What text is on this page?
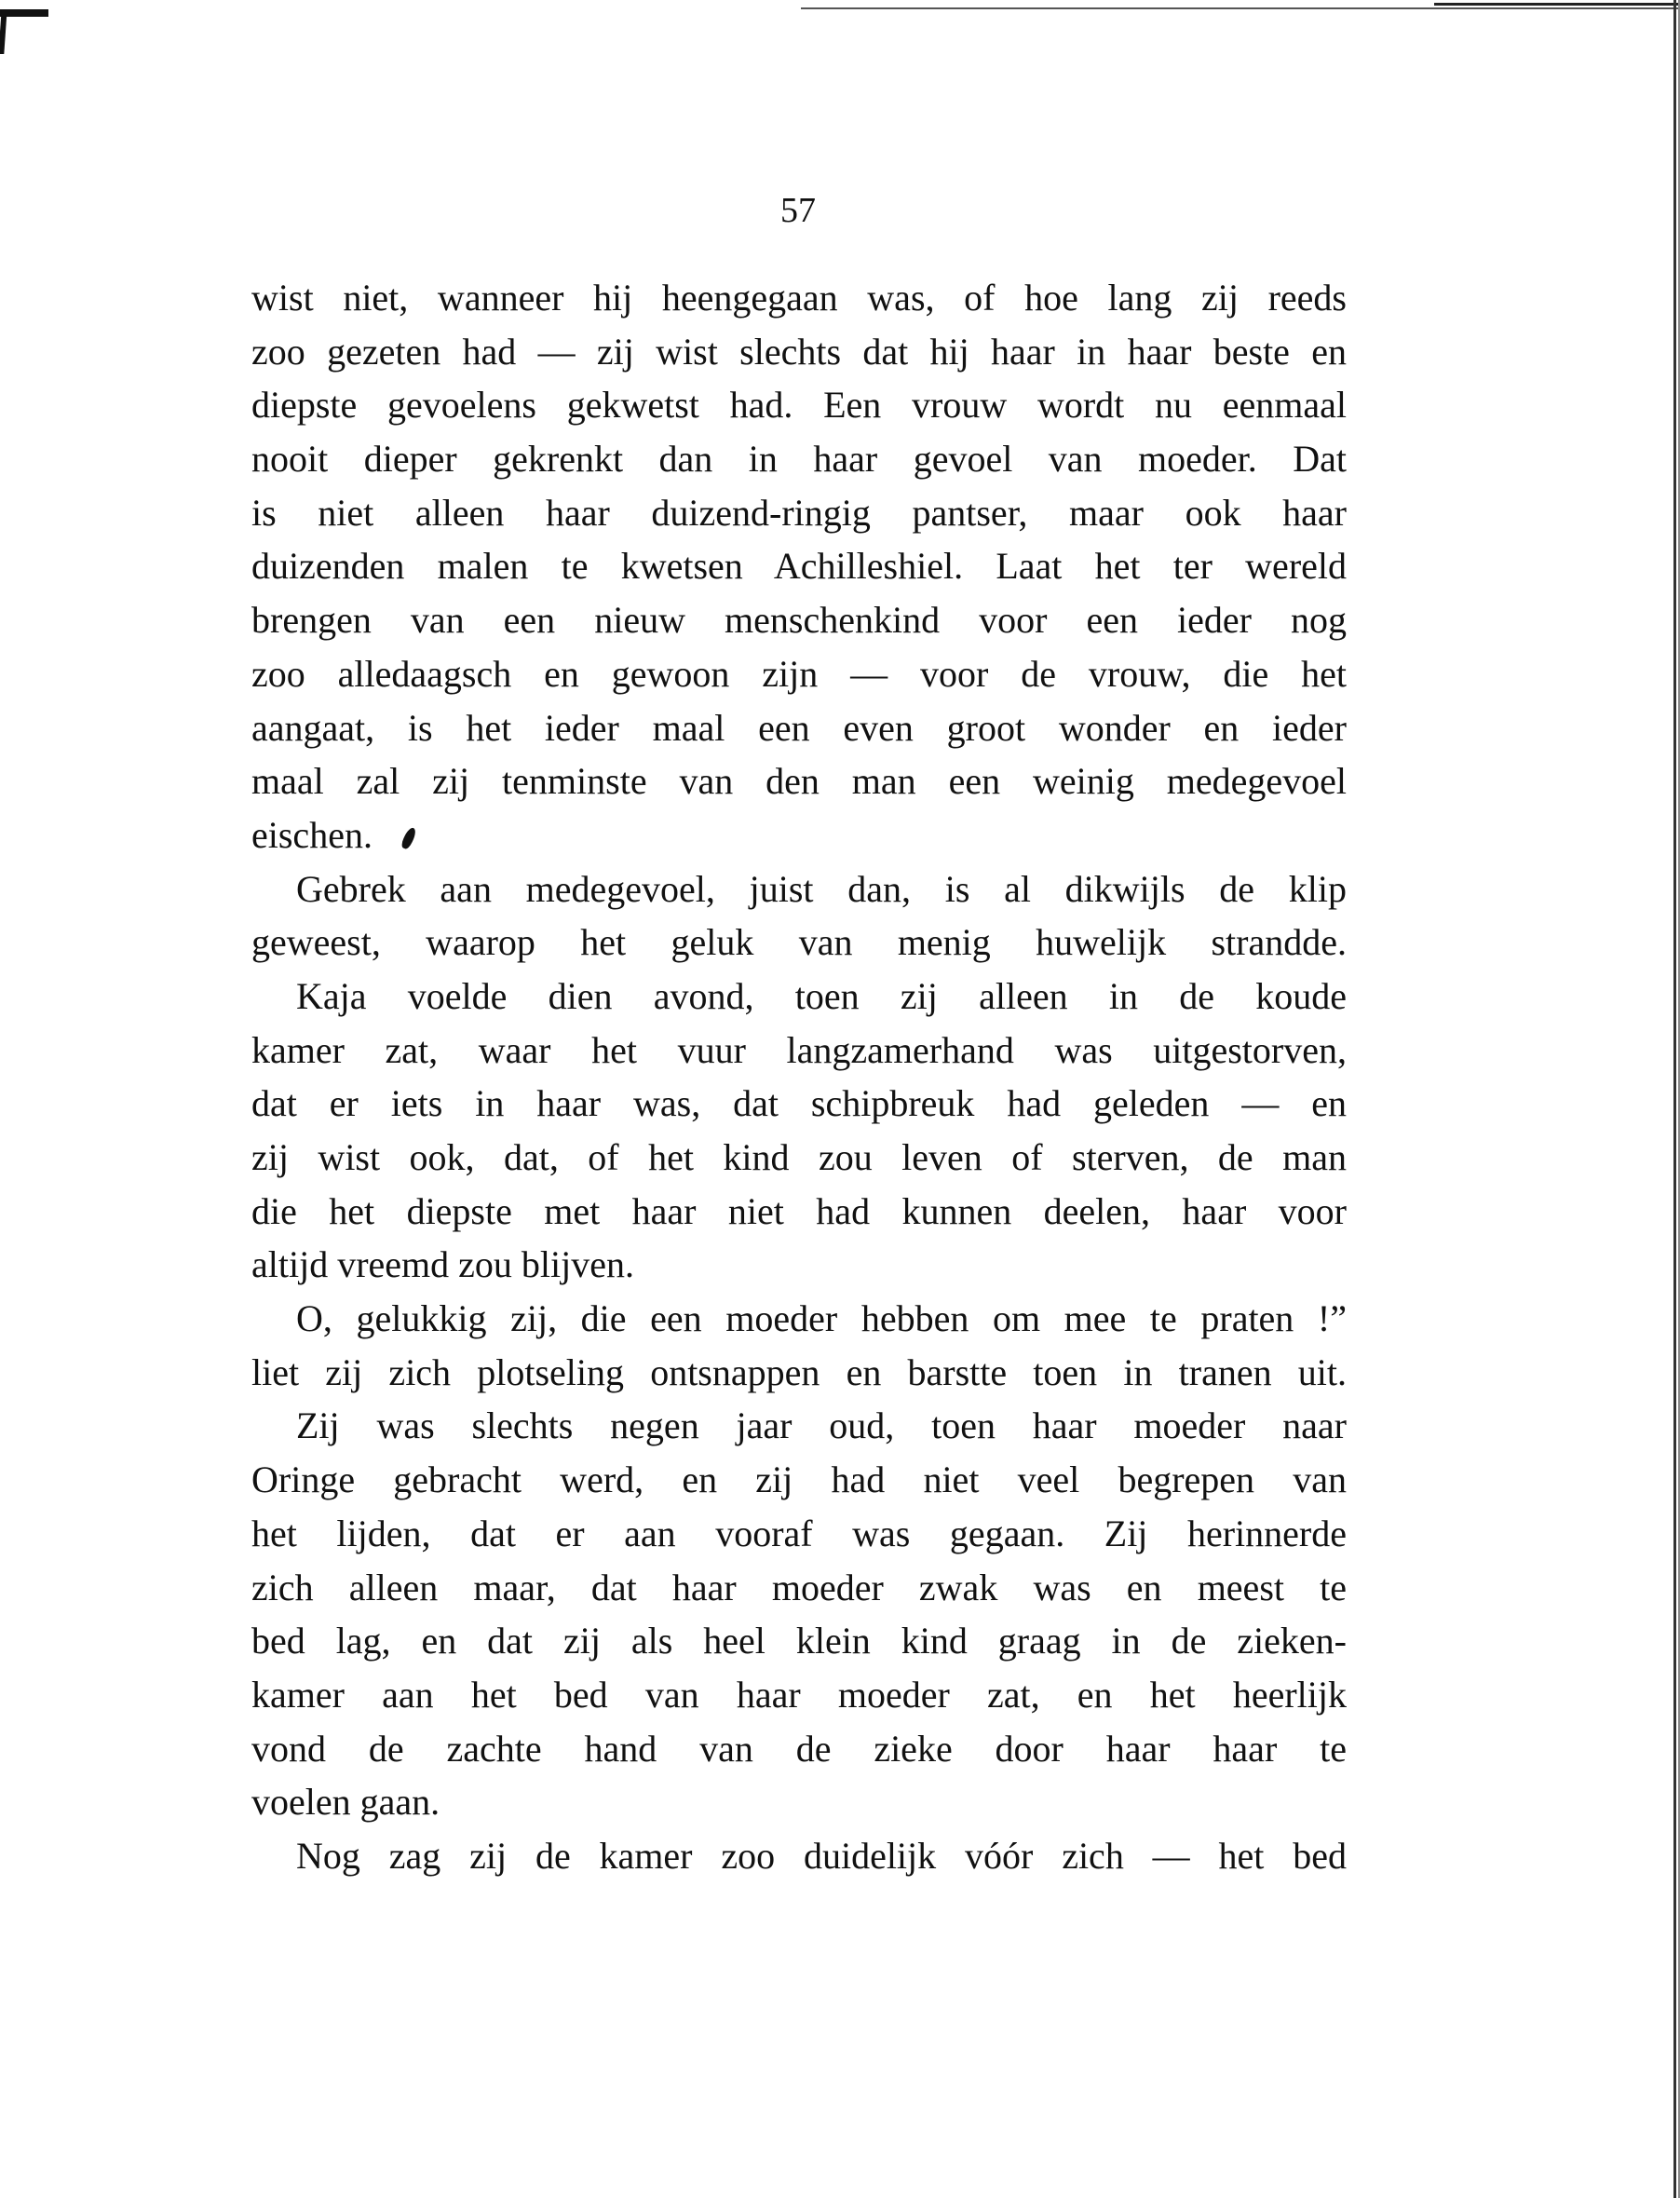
57
wist niet, wanneer hij heengegaan was, of hoe lang zij reeds
zoo gezeten had — zij wist slechts dat hij haar in haar beste en
diepste gevoelens gekwetst had. Een vrouw wordt nu eenmaal
nooit dieper gekrenkt dan in haar gevoel van moeder. Dat
is niet alleen haar duizend-ringig pantser, maar ook haar
duizenden malen te kwetsen Achilleshiel. Laat het ter wereld
brengen van een nieuw menschenkind voor een ieder nog
zoo alledaagsch en gewoon zijn — voor de vrouw, die het
aangaat, is het ieder maal een even groot wonder en ieder
maal zal zij tenminste van den man een weinig medegevoel
eischen.
Gebrek aan medegevoel, juist dan, is al dikwijls de klip
geweest, waarop het geluk van menig huwelijk strandde.
Kaja voelde dien avond, toen zij alleen in de koude
kamer zat, waar het vuur langzamerhand was uitgestorven,
dat er iets in haar was, dat schipbreuk had geleden — en
zij wist ook, dat, of het kind zou leven of sterven, de man
die het diepste met haar niet had kunnen deelen, haar voor
altijd vreemd zou blijven.
O, gelukkig zij, die een moeder hebben om mee te praten !”
liet zij zich plotseling ontsnappen en barstte toen in tranen uit.
Zij was slechts negen jaar oud, toen haar moeder naar
Oringe gebracht werd, en zij had niet veel begrepen van
het lijden, dat er aan vooraf was gegaan. Zij herinnerde
zich alleen maar, dat haar moeder zwak was en meest te
bed lag, en dat zij als heel klein kind graag in de zieken-
kamer aan het bed van haar moeder zat, en het heerlijk
vond de zachte hand van de zieke door haar haar te
voelen gaan.
Nog zag zij de kamer zoo duidelijk vóór zich — het bed
